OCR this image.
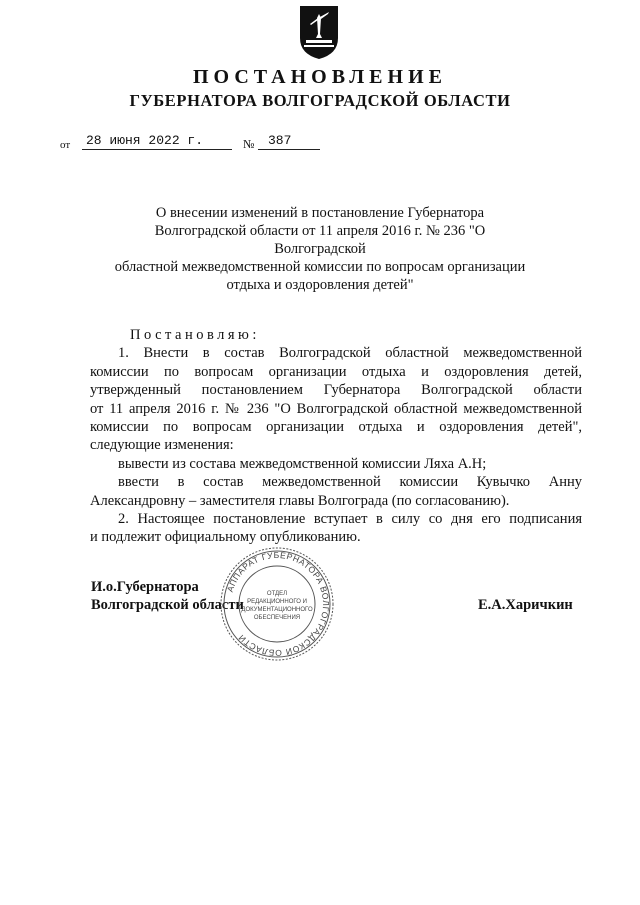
ПОСТАНОВЛЕНИЕ
ГУБЕРНАТОРА ВОЛГОГРАДСКОЙ ОБЛАСТИ
от 28 июня 2022 г.	№ 387
О внесении изменений в постановление Губернатора
Волгоградской области от 11 апреля 2016 г. № 236 "О Волгоградской
областной межведомственной комиссии по вопросам организации
отдыха и оздоровления детей"
Постановляю:
1. Внести в состав Волгоградской областной межведомственной
комиссии по вопросам организации отдыха и оздоровления детей,
утвержденный постановлением Губернатора Волгоградской области
от 11 апреля 2016 г. № 236 "О Волгоградской областной межведомственной
комиссии по вопросам организации отдыха и оздоровления детей",
следующие изменения:
вывести из состава межведомственной комиссии Ляха А.Н;
ввести в состав межведомственной комиссии Кувычко Анну
Александровну – заместителя главы Волгограда (по согласованию).
2. Настоящее постановление вступает в силу со дня его подписания
и подлежит официальному опубликованию.
И.о.Губернатора
Волгоградской области	Е.А.Харичкин
АППАРАТ ГУБЕРНАТОРА ВОЛГОГРАДСКОЙ ОБЛАСТИ
ОТДЕЛ
РЕДАКЦИОННОГО И
ДОКУМЕНТАЦИОННОГО
ОБЕСПЕЧЕНИЯ
